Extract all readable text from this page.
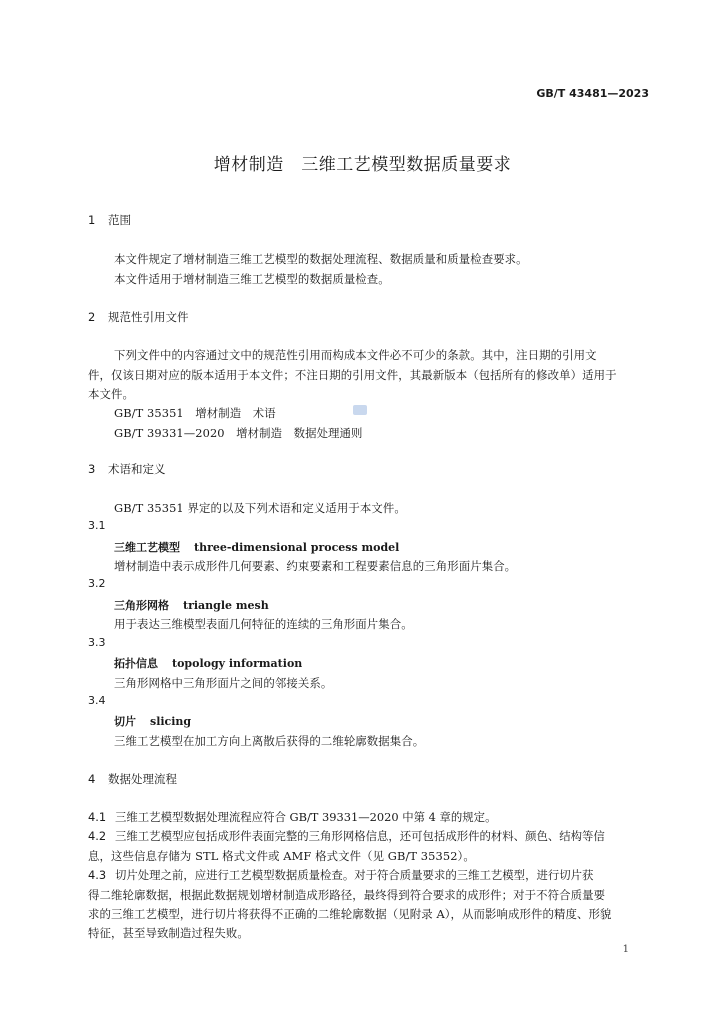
GB/T 43481—2023
增材制造　三维工艺模型数据质量要求
1 范围
本文件规定了增材制造三维工艺模型的数据处理流程、数据质量和质量检查要求。
本文件适用于增材制造三维工艺模型的数据质量检查。
2 规范性引用文件
下列文件中的内容通过文中的规范性引用而构成本文件必不可少的条款。其中，注日期的引用文
件，仅该日期对应的版本适用于本文件；不注日期的引用文件，其最新版本（包括所有的修改单）适用于
本文件。
GB/T 35351　增材制造　术语
GB/T 39331—2020　增材制造　数据处理通则
3 术语和定义
GB/T 35351 界定的以及下列术语和定义适用于本文件。
3.1
三维工艺模型 three-dimensional process model
增材制造中表示成形件几何要素、约束要素和工程要素信息的三角形面片集合。
3.2
三角形网格 triangle mesh
用于表达三维模型表面几何特征的连续的三角形面片集合。
3.3
拓扑信息 topology information
三角形网格中三角形面片之间的邻接关系。
3.4
切片 slicing
三维工艺模型在加工方向上离散后获得的二维轮廓数据集合。
4 数据处理流程
4.1 三维工艺模型数据处理流程应符合 GB/T 39331—2020 中第 4 章的规定。
4.2 三维工艺模型应包括成形件表面完整的三角形网格信息，还可包括成形件的材料、颜色、结构等信
息，这些信息存储为 STL 格式文件或 AMF 格式文件（见 GB/T 35352）。
4.3 切片处理之前，应进行工艺模型数据质量检查。对于符合质量要求的三维工艺模型，进行切片获
得二维轮廓数据，根据此数据规划增材制造成形路径，最终得到符合要求的成形件；对于不符合质量要
求的三维工艺模型，进行切片将获得不正确的二维轮廓数据（见附录 A），从而影响成形件的精度、形貌
特征，甚至导致制造过程失败。
1
